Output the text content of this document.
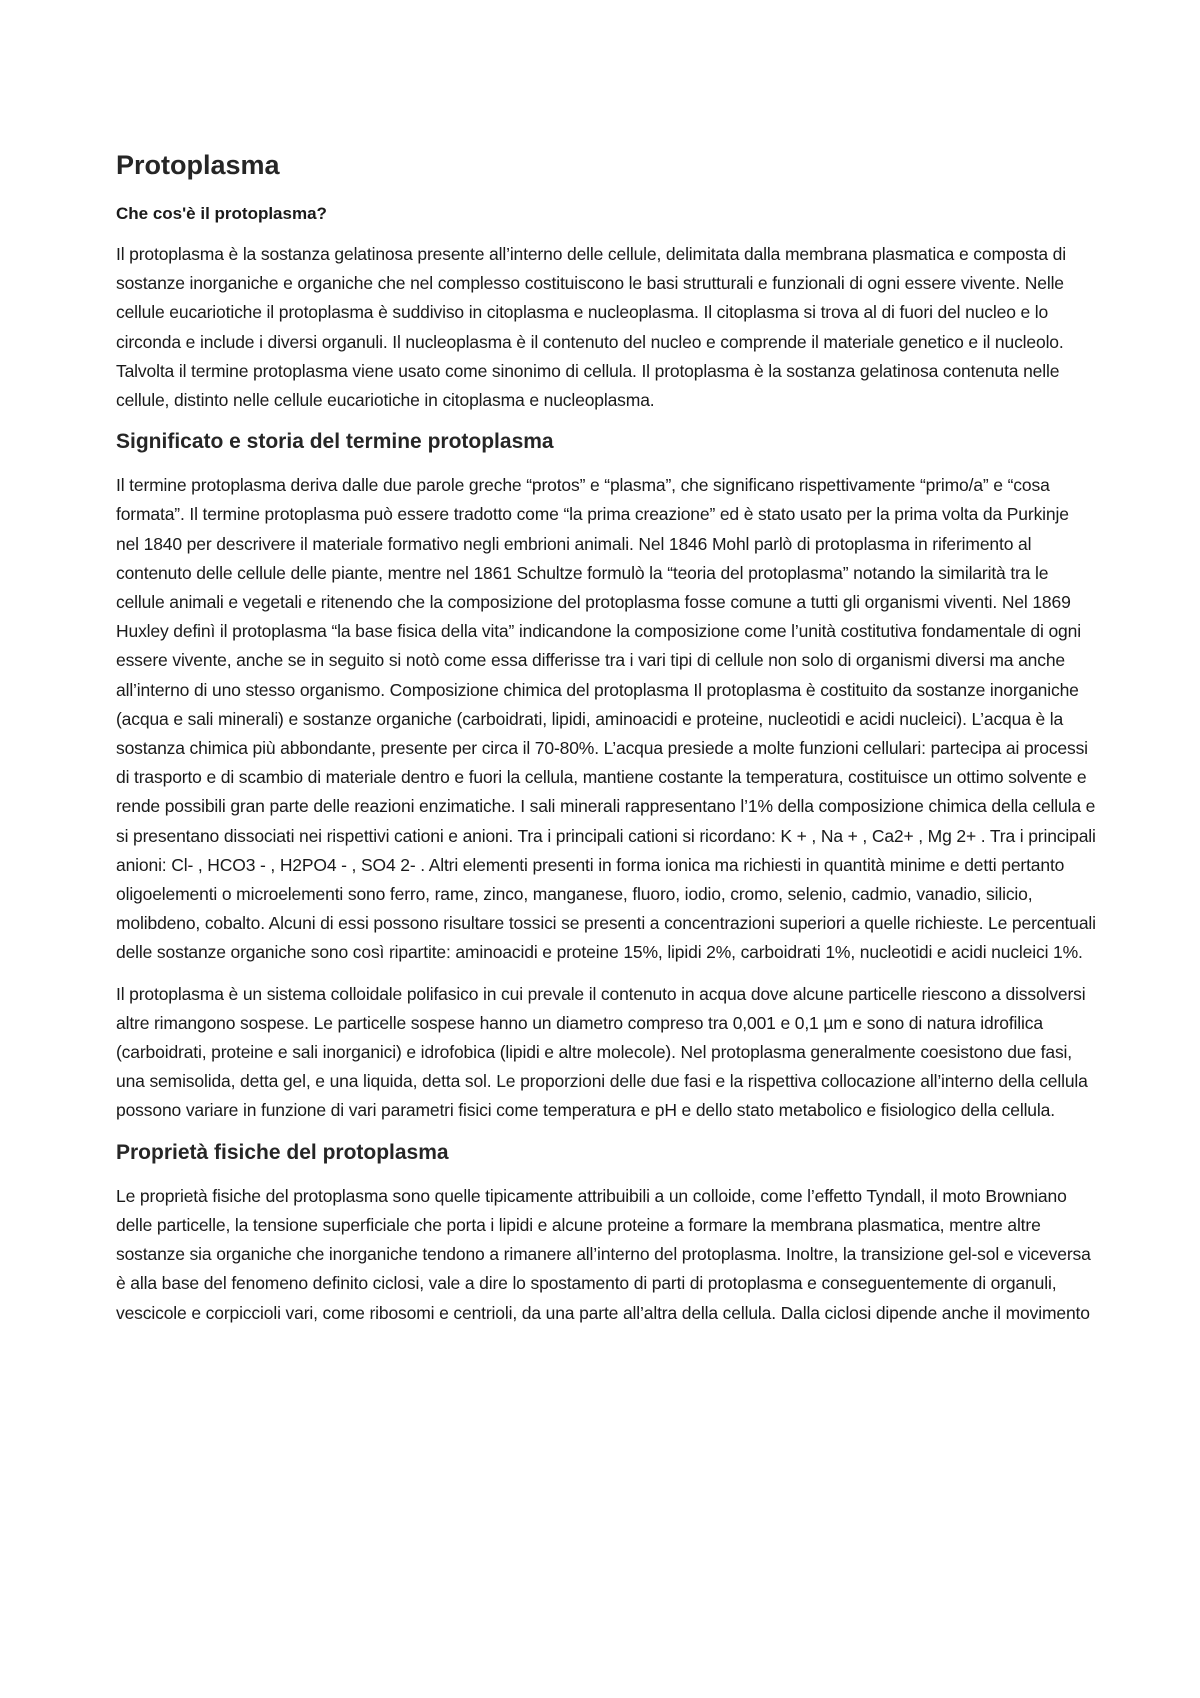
Protoplasma
Che cos'è il protoplasma?

Il protoplasma è la sostanza gelatinosa presente all’interno delle cellule, delimitata dalla membrana plasmatica e composta di sostanze inorganiche e organiche che nel complesso costituiscono le basi strutturali e funzionali di ogni essere vivente. Nelle cellule eucariotiche il protoplasma è suddiviso in citoplasma e nucleoplasma. Il citoplasma si trova al di fuori del nucleo e lo circonda e include i diversi organuli. Il nucleoplasma è il contenuto del nucleo e comprende il materiale genetico e il nucleolo. Talvolta il termine protoplasma viene usato come sinonimo di cellula. Il protoplasma è la sostanza gelatinosa contenuta nelle cellule, distinto nelle cellule eucariotiche in citoplasma e nucleoplasma.

Significato e storia del termine protoplasma

Il termine protoplasma deriva dalle due parole greche “protos” e “plasma”, che significano rispettivamente “primo/a” e “cosa formata”. Il termine protoplasma può essere tradotto come “la prima creazione” ed è stato usato per la prima volta da Purkinje nel 1840 per descrivere il materiale formativo negli embrioni animali. Nel 1846 Mohl parlò di protoplasma in riferimento al contenuto delle cellule delle piante, mentre nel 1861 Schultze formulò la “teoria del protoplasma” notando la similarità tra le cellule animali e vegetali e ritenendo che la composizione del protoplasma fosse comune a tutti gli organismi viventi. Nel 1869 Huxley definì il protoplasma “la base fisica della vita” indicandone la composizione come l’unità costitutiva fondamentale di ogni essere vivente, anche se in seguito si notò come essa differisse tra i vari tipi di cellule non solo di organismi diversi ma anche all’interno di uno stesso organismo. Composizione chimica del protoplasma Il protoplasma è costituito da sostanze inorganiche (acqua e sali minerali) e sostanze organiche (carboidrati, lipidi, aminoacidi e proteine, nucleotidi e acidi nucleici). L’acqua è la sostanza chimica più abbondante, presente per circa il 70-80%. L’acqua presiede a molte funzioni cellulari: partecipa ai processi di trasporto e di scambio di materiale dentro e fuori la cellula, mantiene costante la temperatura, costituisce un ottimo solvente e rende possibili gran parte delle reazioni enzimatiche. I sali minerali rappresentano l’1% della composizione chimica della cellula e si presentano dissociati nei rispettivi cationi e anioni. Tra i principali cationi si ricordano: K + , Na + , Ca2+ , Mg 2+ . Tra i principali anioni: Cl- , HCO3 - , H2PO4 - , SO4 2- . Altri elementi presenti in forma ionica ma richiesti in quantità minime e detti pertanto oligoelementi o microelementi sono ferro, rame, zinco, manganese, fluoro, iodio, cromo, selenio, cadmio, vanadio, silicio, molibdeno, cobalto. Alcuni di essi possono risultare tossici se presenti a concentrazioni superiori a quelle richieste. Le percentuali delle sostanze organiche sono così ripartite: aminoacidi e proteine 15%, lipidi 2%, carboidrati 1%, nucleotidi e acidi nucleici 1%.

Il protoplasma è un sistema colloidale polifasico in cui prevale il contenuto in acqua dove alcune particelle riescono a dissolversi altre rimangono sospese. Le particelle sospese hanno un diametro compreso tra 0,001 e 0,1 µm e sono di natura idrofilica (carboidrati, proteine e sali inorganici) e idrofobica (lipidi e altre molecole). Nel protoplasma generalmente coesistono due fasi, una semisolida, detta gel, e una liquida, detta sol. Le proporzioni delle due fasi e la rispettiva collocazione all’interno della cellula possono variare in funzione di vari parametri fisici come temperatura e pH e dello stato metabolico e fisiologico della cellula.

Proprietà fisiche del protoplasma

Le proprietà fisiche del protoplasma sono quelle tipicamente attribuibili a un colloide, come l’effetto Tyndall, il moto Browniano delle particelle, la tensione superficiale che porta i lipidi e alcune proteine a formare la membrana plasmatica, mentre altre sostanze sia organiche che inorganiche tendono a rimanere all’interno del protoplasma. Inoltre, la transizione gel-sol e viceversa è alla base del fenomeno definito ciclosi, vale a dire lo spostamento di parti di protoplasma e conseguentemente di organuli, vescicole e corpiccioli vari, come ribosomi e centrioli, da una parte all’altra della cellula. Dalla ciclosi dipende anche il movimento
